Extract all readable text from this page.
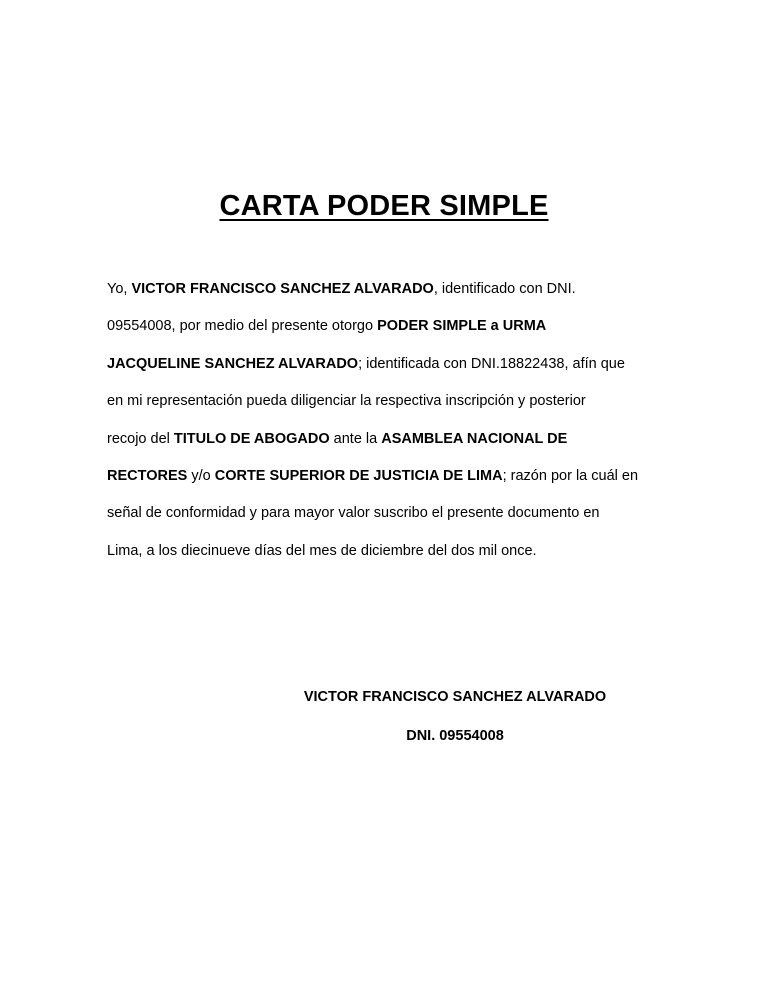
CARTA PODER SIMPLE
Yo, VICTOR FRANCISCO SANCHEZ ALVARADO, identificado con DNI.
09554008, por medio del presente otorgo PODER SIMPLE a URMA
JACQUELINE SANCHEZ ALVARADO; identificada con DNI.18822438, afín que
en mi representación pueda diligenciar la respectiva inscripción y posterior
recojo del TITULO DE ABOGADO ante la ASAMBLEA NACIONAL DE
RECTORES y/o CORTE SUPERIOR DE JUSTICIA DE LIMA; razón por la cuál en
señal de conformidad y para mayor valor suscribo el presente documento en
Lima, a los diecinueve días del mes de diciembre del dos mil once.
VICTOR FRANCISCO SANCHEZ ALVARADO
DNI. 09554008
